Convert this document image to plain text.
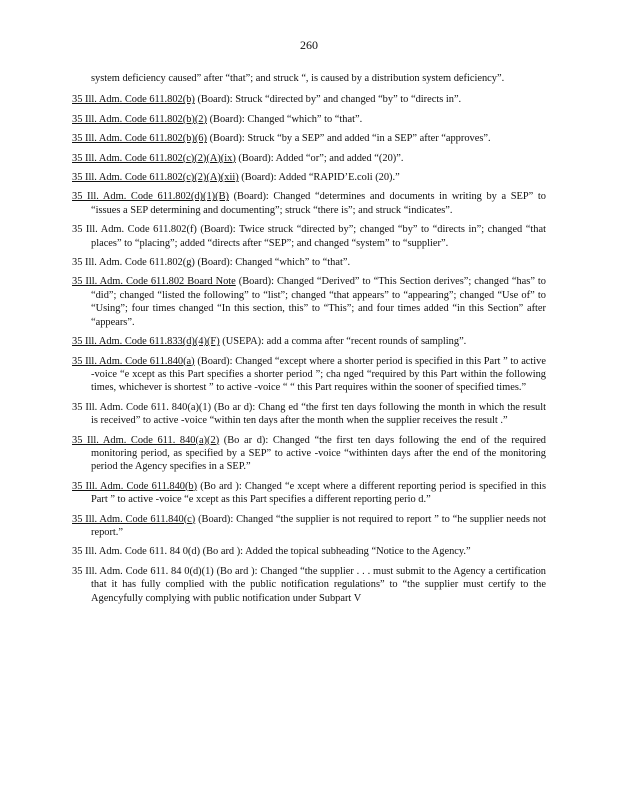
260
system deficiency caused” after “that”; and struck “, is caused by a distribution system deficiency”.
35 Ill. Adm. Code 611.802(b) (Board): Struck “directed by” and changed “by” to “directs in”.
35 Ill. Adm. Code 611.802(b)(2) (Board): Changed “which” to “that”.
35 Ill. Adm. Code 611.802(b)(6) (Board): Struck “by a SEP” and added “in a SEP” after “approves”.
35 Ill. Adm. Code 611.802(c)(2)(A)(ix) (Board): Added “or”; and added “(20)”.
35 Ill. Adm. Code 611.802(c)(2)(A)(xii) (Board): Added “RAPID’E.coli (20).”
35 Ill. Adm. Code 611.802(d)(1)(B) (Board): Changed “determines and documents in writing by a SEP” to “issues a SEP determining and documenting”; struck “there is”; and struck “indicates”.
35 Ill. Adm. Code 611.802(f) (Board): Twice struck “directed by”; changed “by” to “directs in”; changed “that places” to “placing”; added “directs after “SEP”; and changed “system” to “supplier”.
35 Ill. Adm. Code 611.802(g) (Board): Changed “which” to “that”.
35 Ill. Adm. Code 611.802 Board Note (Board): Changed “Derived” to “This Section derives”; changed “has” to “did”; changed “listed the following” to “list”; changed “that appears” to “appearing”; changed “Use of” to “Using”; four times changed “In this section, this” to “This”; and four times added “in this Section” after “appears”.
35 Ill. Adm. Code 611.833(d)(4)(F) (USEPA): add a comma after “recent rounds of sampling”.
35 Ill. Adm. Code 611.840(a) (Board): Changed “except where a shorter period is specified in this Part ” to active -voice “e xcept as this Part specifies a shorter period ”; cha nged “required by this Part within the following times, whichever is shortest ” to active -voice “ “ this Part requires within the sooner of specified times.”
35 Ill. Adm. Code 611. 840(a)(1) (Bo ar d): Chang ed “the first ten days following the month in which the result is received” to active -voice “within ten days after the month when the supplier receives the result .”
35 Ill. Adm. Code 611. 840(a)(2) (Bo ar d): Changed “the first ten days following the end of the required monitoring period, as specified by a SEP” to active -voice “withinten days after the end of the monitoring period the Agency specifies in a SEP.”
35 Ill. Adm. Code 611.840(b) (Bo ard ): Changed “e xcept where a different reporting period is specified in this Part ” to active -voice “e xcept as this Part specifies a different reporting perio d.”
35 Ill. Adm. Code 611.840(c) (Board): Changed “the supplier is not required to report ” to “he supplier needs not report.”
35 Ill. Adm. Code 611. 84 0(d) (Bo ard ): Added the topical subheading “Notice to the Agency.”
35 Ill. Adm. Code 611. 84 0(d)(1) (Bo ard ): Changed “the supplier . . . must submit to the Agency a certification that it has fully complied with the public notification regulations” to “the supplier must certify to the Agencyfully complying with public notification under Subpart V
